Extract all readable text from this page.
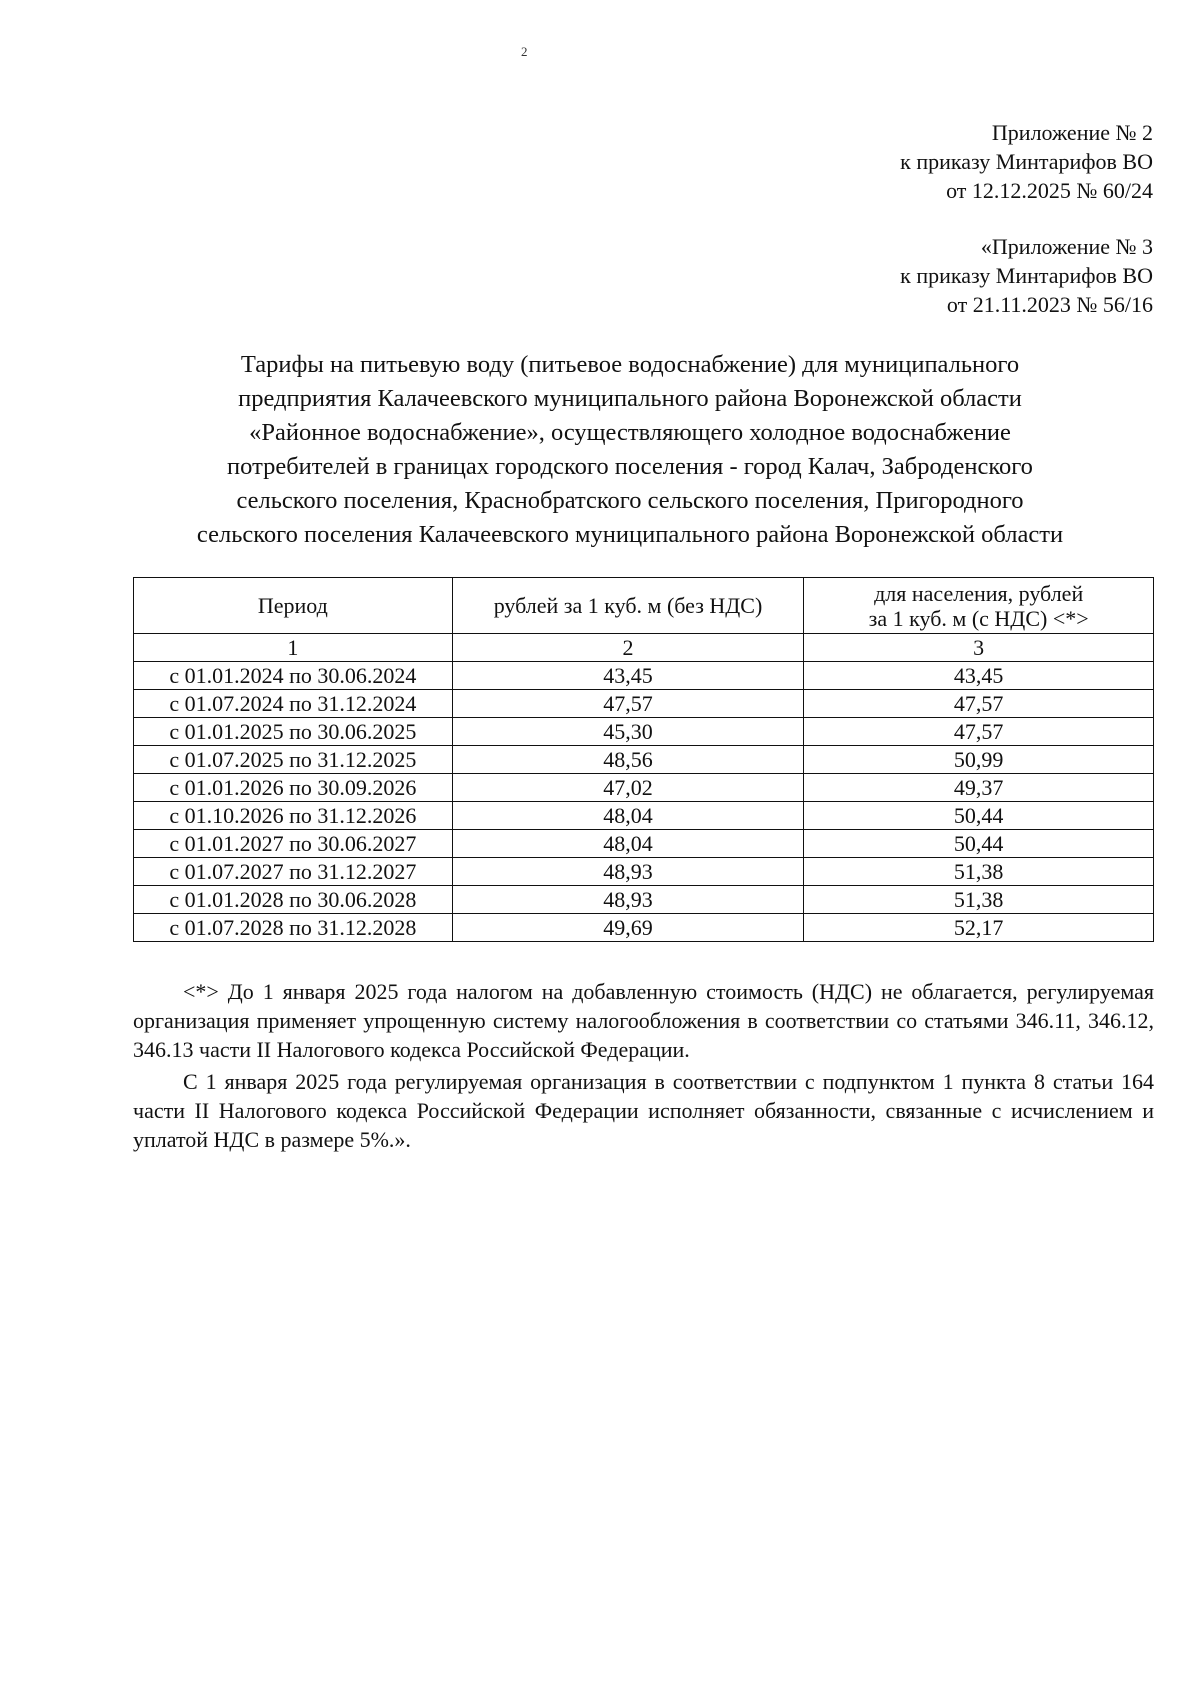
2
Приложение № 2
к приказу Минтарифов ВО
от 12.12.2025 № 60/24
«Приложение № 3
к приказу Минтарифов ВО
от 21.11.2023 № 56/16
Тарифы на питьевую воду (питьевое водоснабжение) для муниципального
предприятия Калачеевского муниципального района Воронежской области
«Районное водоснабжение», осуществляющего холодное водоснабжение
потребителей в границах городского поселения - город Калач, Заброденского
сельского поселения, Краснобратского сельского поселения, Пригородного
сельского поселения Калачеевского муниципального района Воронежской области
Период	рублей за 1 куб. м (без НДС)	для населения, рублей
за 1 куб. м (с НДС) <*>

1	2	3
с 01.01.2024 по 30.06.2024	43,45	43,45
с 01.07.2024 по 31.12.2024	47,57	47,57
с 01.01.2025 по 30.06.2025	45,30	47,57
с 01.07.2025 по 31.12.2025	48,56	50,99
с 01.01.2026 по 30.09.2026	47,02	49,37
с 01.10.2026 по 31.12.2026	48,04	50,44
с 01.01.2027 по 30.06.2027	48,04	50,44
с 01.07.2027 по 31.12.2027	48,93	51,38
с 01.01.2028 по 30.06.2028	48,93	51,38
с 01.07.2028 по 31.12.2028	49,69	52,17

<*> До 1 января 2025 года налогом на добавленную стоимость (НДС) не облагается, регулируемая организация применяет упрощенную систему налогообложения в соответствии со статьями 346.11, 346.12, 346.13 части II Налогового кодекса Российской Федерации.

С 1 января 2025 года регулируемая организация в соответствии с подпунктом 1 пункта 8 статьи 164 части II Налогового кодекса Российской Федерации исполняет обязанности, связанные с исчислением и уплатой НДС в размере 5%.».
